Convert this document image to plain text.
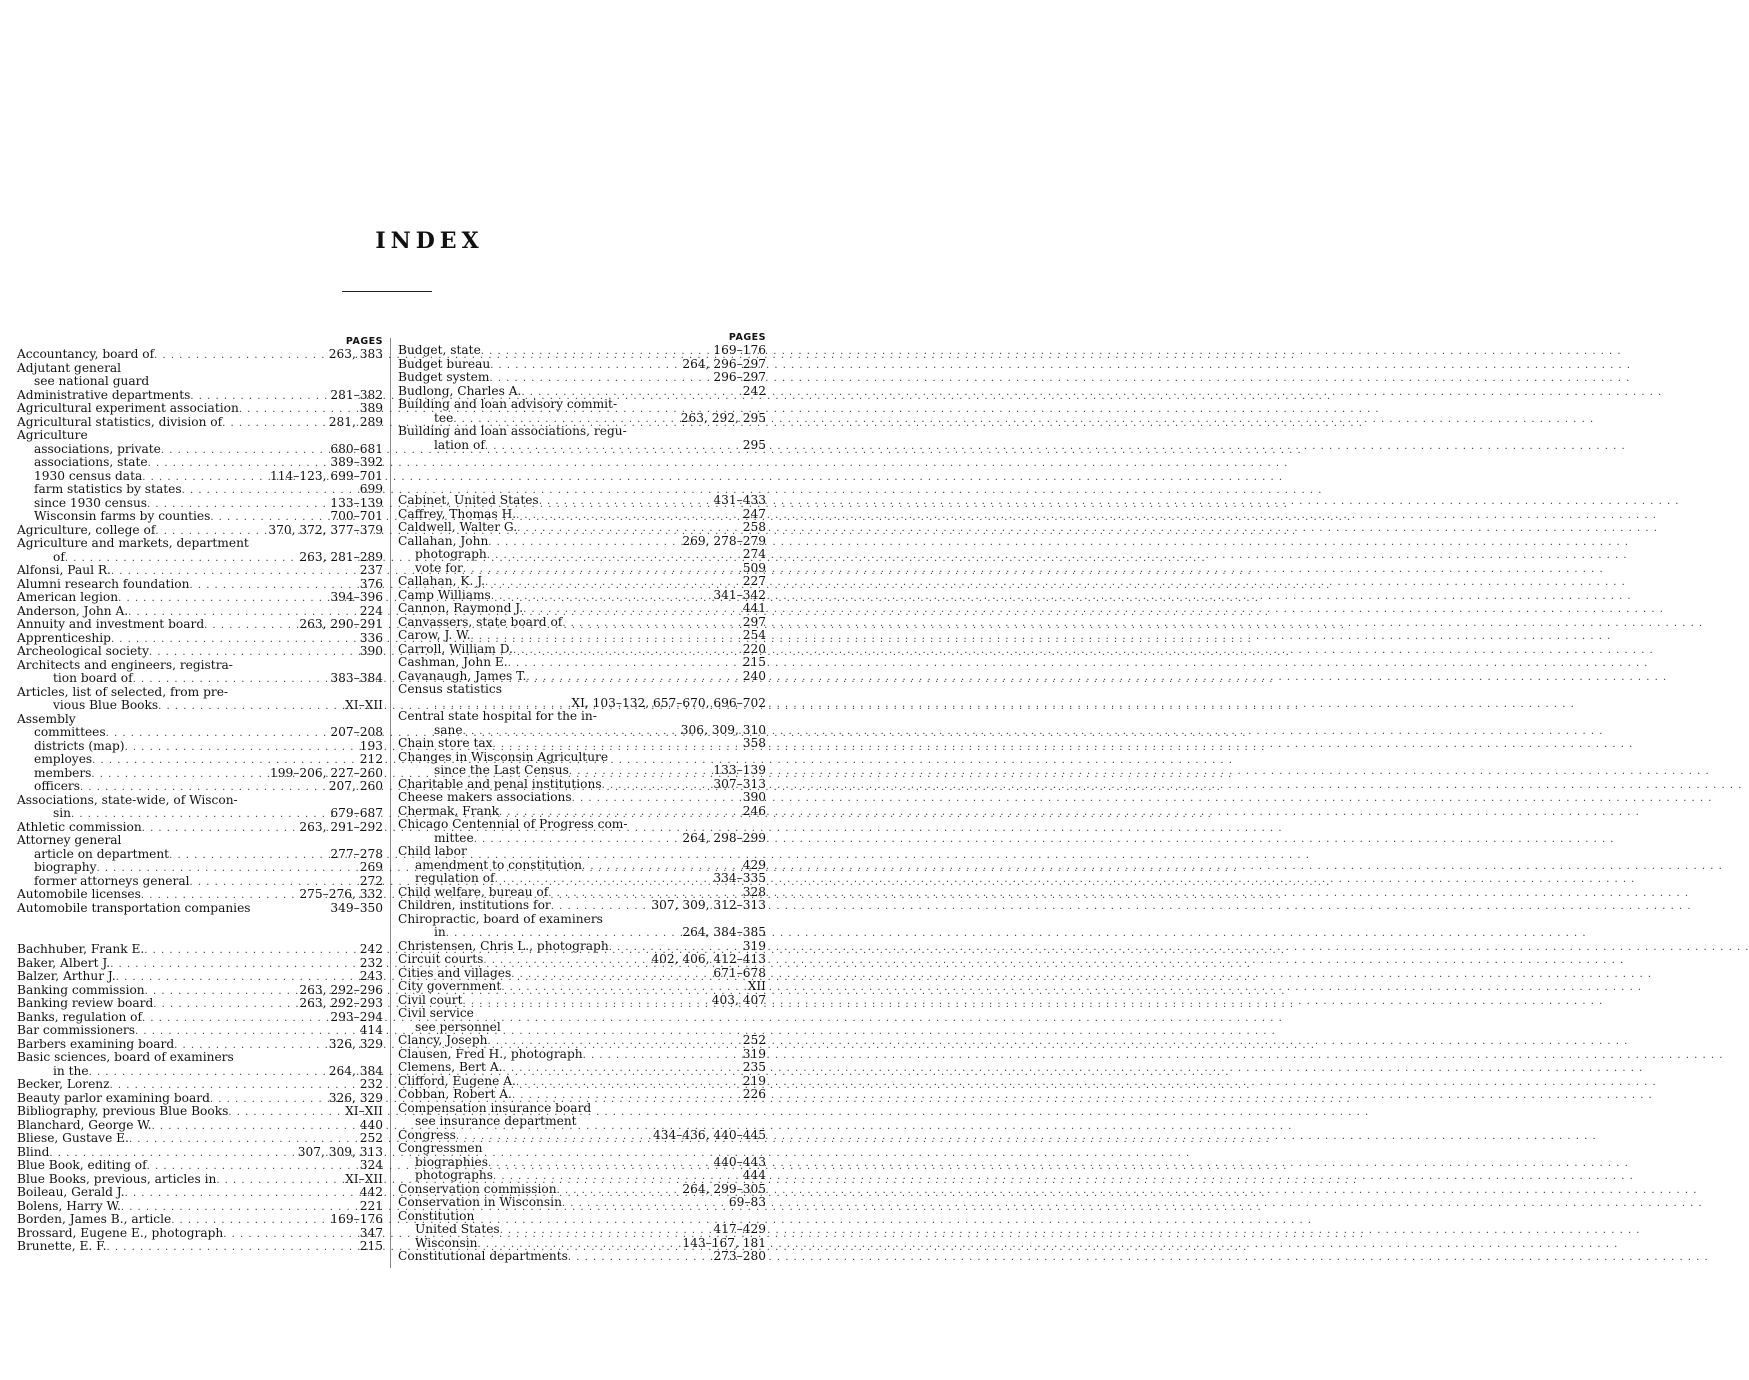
INDEX
PAGES
Accountancy, board of . . .	263, 383
Adjutant general
see national guard
Administrative departments . . .	281–382
Agricultural experiment association . . .	389
Agricultural statistics, division of . . .	281, 289
Agriculture
associations, private . . .	680–681
associations, state . . .	389–392
1930 census data . . .	114–123, 699–701
farm statistics by states . . .	699
since 1930 census . . .	133–139
Wisconsin farms by counties . . .	700–701
Agriculture, college of . . .	370, 372, 377–379
Agriculture and markets, department
of . . .	263, 281–289
Alfonsi, Paul R. . . .	237
Alumni research foundation . . .	376
American legion . . .	394–396
Anderson, John A. . . .	224
Annuity and investment board . . .	263, 290–291
Apprenticeship . . .	336
Archeological society . . .	390
Architects and engineers, registra-
tion board of . . .	383–384
Articles, list of selected, from pre-
vious Blue Books . . .	XI–XII
Assembly
committees . . .	207–208
districts (map) . . .	193
employes . . .	212
members . . .	199–206, 227–260
officers . . .	207, 260
Associations, state-wide, of Wiscon-
sin . . .	679–687
Athletic commission . . .	263, 291–292
Attorney general
article on department . . .	277–278
biography . . .	269
former attorneys general . . .	272
Automobile licenses . . .	275–276, 332
Automobile transportation companies	349–350
Bachhuber, Frank E. . . .	242
Baker, Albert J. . . .	232
Balzer, Arthur J. . . .	243
Banking commission . . .	263, 292–296
Banking review board . . .	263, 292–293
Banks, regulation of . . .	293–294
Bar commissioners . . .	414
Barbers examining board . . .	326, 329
Basic sciences, board of examiners
in the . . .	264, 384
Becker, Lorenz . . .	232
Beauty parlor examining board . . .	326, 329
Bibliography, previous Blue Books . . .	XI–XII
Blanchard, George W. . . .	440
Bliese, Gustave E. . . .	252
Blind . . .	307, 309, 313
Blue Book, editing of . . .	324
Blue Books, previous, articles in . . .	XI–XII
Boileau, Gerald J. . . .	442
Bolens, Harry W. . . .	221
Borden, James B., article . . .	169–176
Brossard, Eugene E., photograph . . .	347
Brunette, E. F. . . .	215
PAGES
Budget, state . . .	169–176
Budget bureau . . .	264, 296–297
Budget system . . .	296–297
Budlong, Charles A. . . .	242
Building and loan advisory commit-
tee . . .	263, 292, 295
Building and loan associations, regu-
lation of . . .	295
Cabinet, United States . . .	431–433
Caffrey, Thomas H. . . .	247
Caldwell, Walter G. . . .	258
Callahan, John . . .	269, 278–279
photograph . . .	274
vote for . . .	509
Callahan, K. J. . . .	227
Camp Williams . . .	341–342
Cannon, Raymond J. . . .	441
Canvassers, state board of . . .	297
Carow, J. W. . . .	254
Carroll, William D. . . .	220
Cashman, John E. . . .	215
Cavanaugh, James T. . . .	240
Census statistics
. . .
XI, 103–132, 657–670, 696–702
Central state hospital for the in-
sane . . .	306, 309, 310
Chain store tax . . .	358
Changes in Wisconsin Agriculture
since the Last Census . . .	133–139
Charitable and penal institutions . . .	307–313
Cheese makers associations . . .	390
Chermak, Frank . . .	246
Chicago Centennial of Progress com-
mittee . . .	264, 298–299
Child labor
amendment to constitution . . .	429
regulation of . . .	334–335
Child welfare, bureau of . . .	328
Children, institutions for . . .	307, 309, 312–313
Chiropractic, board of examiners
in . . .	264, 384–385
Christensen, Chris L., photograph . . .	319
Circuit courts . . .	402, 406, 412–413
Cities and villages . . .	671–678
City government . . .	XII
Civil court . . .	403, 407
Civil service
see personnel
Clancy, Joseph . . .	252
Clausen, Fred H., photograph . . .	319
Clemens, Bert A. . . .	235
Clifford, Eugene A. . . .	219
Cobban, Robert A. . . .	226
Compensation insurance board
see insurance department
Congress . . .	434–436, 440–445
Congressmen
biographies . . .	440–443
photographs . . .	444
Conservation commission . . .	264, 299–305
Conservation in Wisconsin . . .	69–83
Constitution
United States . . .	417–429
Wisconsin . . .	143–167, 181
Constitutional departments . . .	273–280
